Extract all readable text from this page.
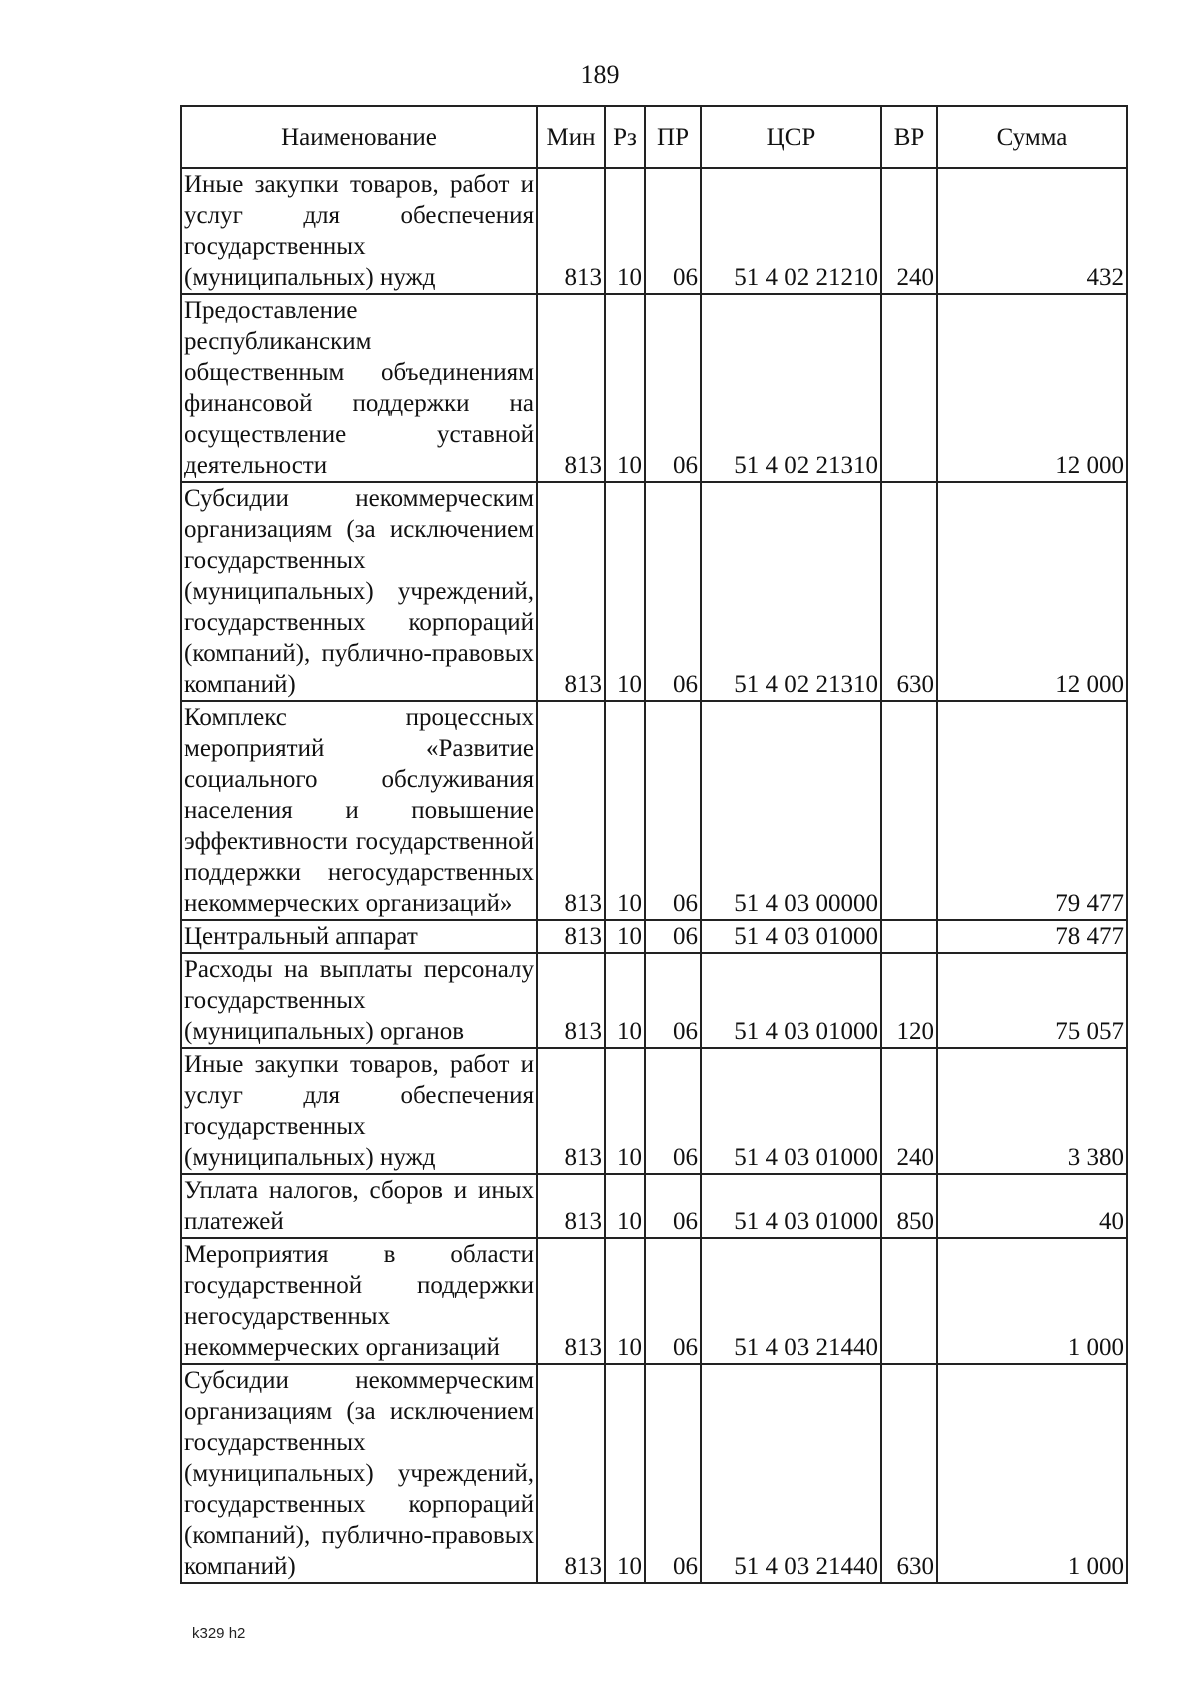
189
Наименование	Мин	Рз	ПР	ЦСР	ВР	Сумма
Иные закупки товаров, работ и услуг для обеспечения государственных (муниципальных) нужд	813	10	06	51 4 02 21210	240	432
Предоставление республиканским общественным объединениям финансовой поддержки на осуществление уставной деятельности	813	10	06	51 4 02 21310		12 000
Субсидии некоммерческим организациям (за исключением государственных (муниципальных) учреждений, государственных корпораций (компаний), публично-правовых компаний)	813	10	06	51 4 02 21310	630	12 000
Комплекс процессных мероприятий «Развитие социального обслуживания населения и повышение эффективности государственной поддержки негосударственных некоммерческих организаций»	813	10	06	51 4 03 00000		79 477
Центральный аппарат	813	10	06	51 4 03 01000		78 477
Расходы на выплаты персоналу государственных (муниципальных) органов	813	10	06	51 4 03 01000	120	75 057
Иные закупки товаров, работ и услуг для обеспечения государственных (муниципальных) нужд	813	10	06	51 4 03 01000	240	3 380
Уплата налогов, сборов и иных платежей	813	10	06	51 4 03 01000	850	40
Мероприятия в области государственной поддержки негосударственных некоммерческих организаций	813	10	06	51 4 03 21440		1 000
Субсидии некоммерческим организациям (за исключением государственных (муниципальных) учреждений, государственных корпораций (компаний), публично-правовых компаний)	813	10	06	51 4 03 21440	630	1 000
k329 h2
